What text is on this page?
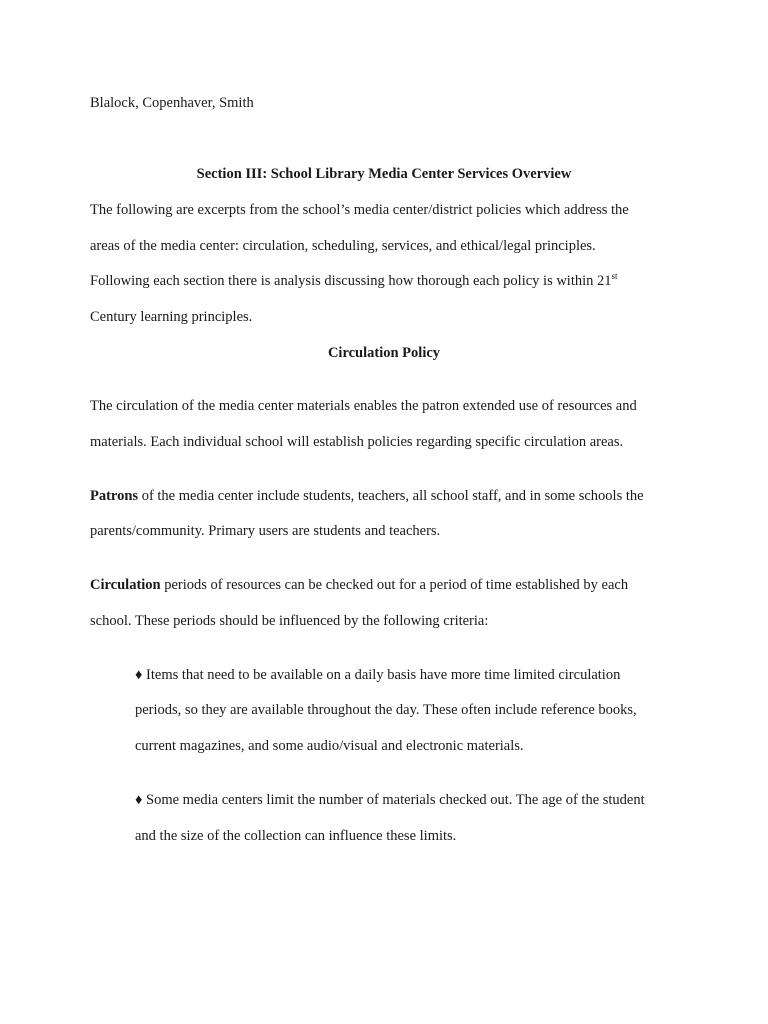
Blalock, Copenhaver, Smith
Section III: School Library Media Center Services Overview
The following are excerpts from the school’s media center/district policies which address the
areas of the media center: circulation, scheduling, services, and ethical/legal principles.
Following each section there is analysis discussing how thorough each policy is within 21st
Century learning principles.
Circulation Policy
The circulation of the media center materials enables the patron extended use of resources and
materials. Each individual school will establish policies regarding specific circulation areas.
Patrons of the media center include students, teachers, all school staff, and in some schools the
parents/community. Primary users are students and teachers.
Circulation periods of resources can be checked out for a period of time established by each
school. These periods should be influenced by the following criteria:
♦ Items that need to be available on a daily basis have more time limited circulation
periods, so they are available throughout the day. These often include reference books,
current magazines, and some audio/visual and electronic materials.
♦ Some media centers limit the number of materials checked out. The age of the student
and the size of the collection can influence these limits.
